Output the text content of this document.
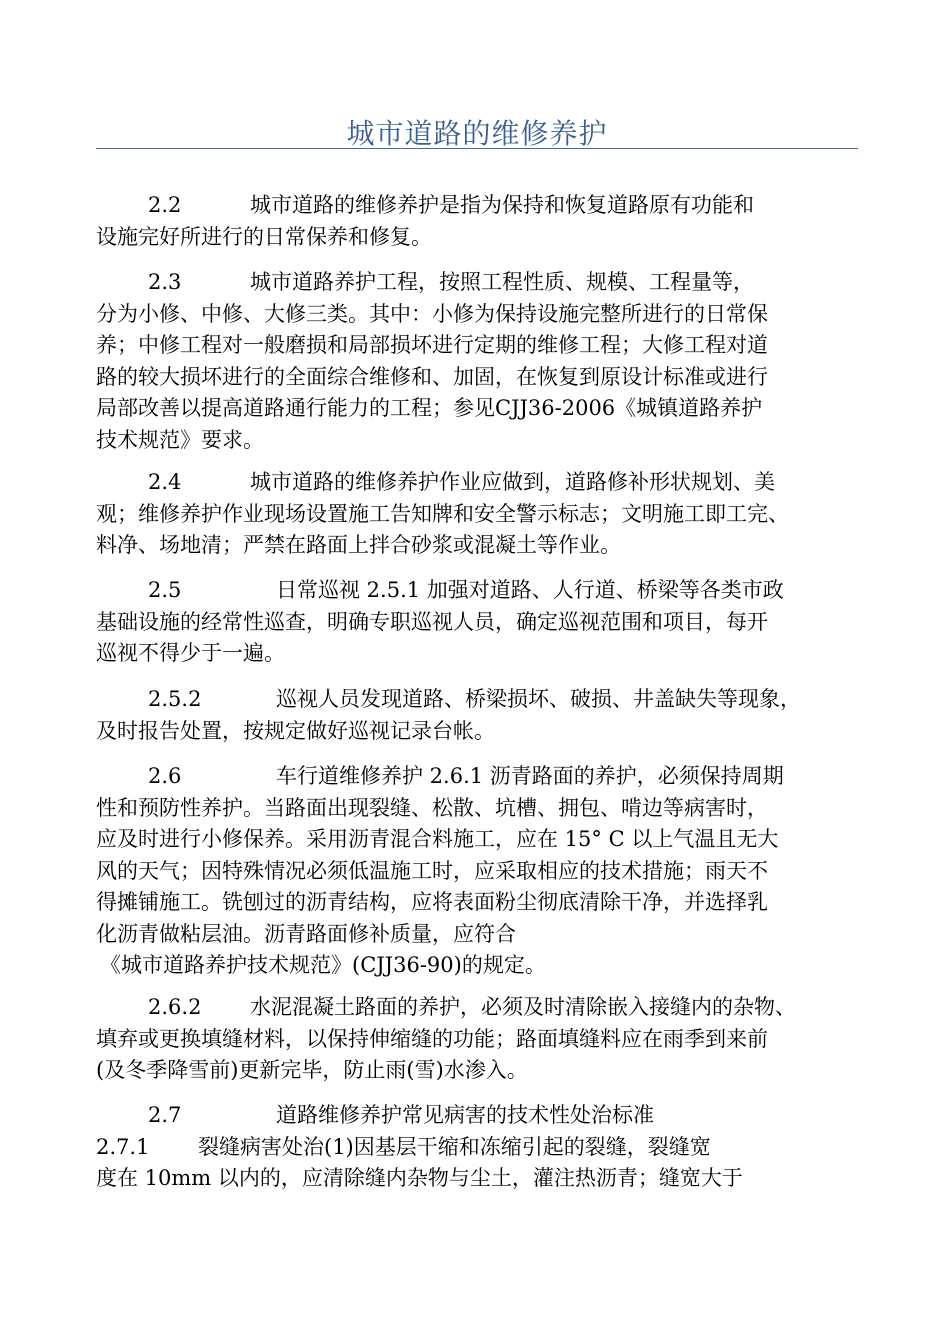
城市道路的维修养护
2.2	城市道路的维修养护是指为保持和恢复道路原有功能和
设施完好所进行的日常保养和修复。
2.3	城市道路养护工程，按照工程性质、规模、工程量等，
分为小修、中修、大修三类。其中：小修为保持设施完整所进行的日常保
养；中修工程对一般磨损和局部损坏进行定期的维修工程；大修工程对道
路的较大损坏进行的全面综合维修和、加固，在恢复到原设计标准或进行
局部改善以提高道路通行能力的工程；参见CJJ36-2006《城镇道路养护
技术规范》要求。
2.4	城市道路的维修养护作业应做到，道路修补形状规划、美
观；维修养护作业现场设置施工告知牌和安全警示标志；文明施工即工完、
料净、场地清；严禁在路面上拌合砂浆或混凝土等作业。
2.5	日常巡视 2.5.1 加强对道路、人行道、桥梁等各类市政
基础设施的经常性巡查，明确专职巡视人员，确定巡视范围和项目，每开
巡视不得少于一遍。
2.5.2	巡视人员发现道路、桥梁损坏、破损、井盖缺失等现象，
及时报告处置，按规定做好巡视记录台帐。
2.6	车行道维修养护 2.6.1 沥青路面的养护，必须保持周期
性和预防性养护。当路面出现裂缝、松散、坑槽、拥包、啃边等病害时，
应及时进行小修保养。采用沥青混合料施工，应在 15° C 以上气温且无大
风的天气；因特殊情况必须低温施工时，应采取相应的技术措施；雨天不
得摊铺施工。铣刨过的沥青结构，应将表面粉尘彻底清除干净，并选择乳
化沥青做粘层油。沥青路面修补质量，应符合
《城市道路养护技术规范》(CJJ36-90)的规定。
2.6.2 水泥混凝土路面的养护，必须及时清除嵌入接缝内的杂物、
填弃或更换填缝材料，以保持伸缩缝的功能；路面填缝料应在雨季到来前
(及冬季降雪前)更新完毕，防止雨(雪)水渗入。
2.7	道路维修养护常见病害的技术性处治标准
2.7.1 裂缝病害处治(1)因基层干缩和冻缩引起的裂缝，裂缝宽
度在 10mm 以内的，应清除缝内杂物与尘土，灌注热沥青；缝宽大于
